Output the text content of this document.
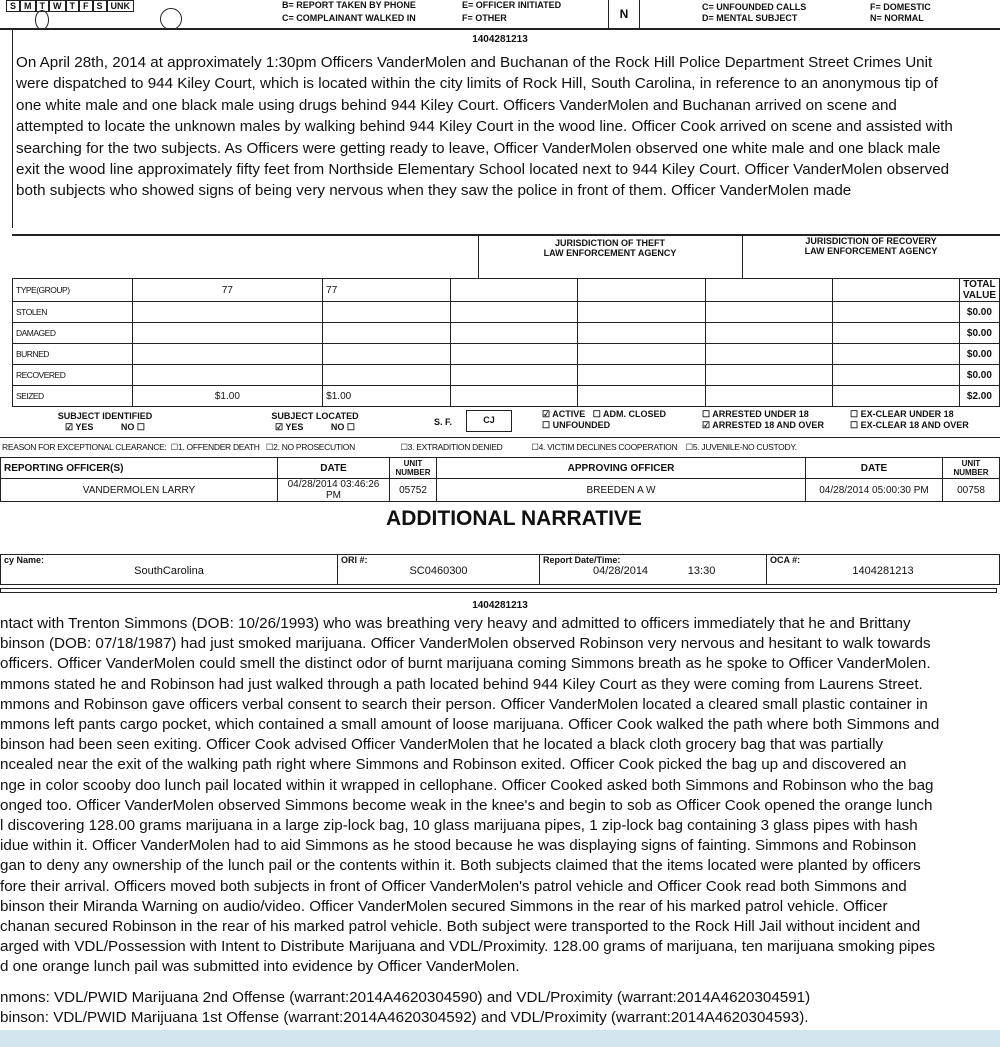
S M T W T F S UNK	B= REPORT TAKEN BY PHONE
C= COMPLAINANT WALKED IN
E= OFFICER INITIATED
F= OTHER	N	C= UNFOUNDED CALLS
D= MENTAL SUBJECT
F= DOMESTIC
N= NORMAL
1404281213
On April 28th, 2014 at approximately 1:30pm Officers VanderMolen and Buchanan of the Rock Hill Police Department Street Crimes Unit
were dispatched to 944 Kiley Court, which is located within the city limits of Rock Hill, South Carolina, in reference to an anonymous tip of
one white male and one black male using drugs behind 944 Kiley Court. Officers VanderMolen and Buchanan arrived on scene and
attempted to locate the unknown males by walking behind 944 Kiley Court in the wood line. Officer Cook arrived on scene and assisted with
searching for the two subjects. As Officers were getting ready to leave, Officer VanderMolen observed one white male and one black male
exit the wood line approximately fifty feet from Northside Elementary School located next to 944 Kiley Court. Officer VanderMolen observed
both subjects who showed signs of being very nervous when they saw the police in front of them. Officer VanderMolen made
JURISDICTION OF THEFT
LAW ENFORCEMENT AGENCY
JURISDICTION OF RECOVERY
LAW ENFORCEMENT AGENCY
TYPE(GROUP)	77	77					TOTAL VALUE
STOLEN							$0.00
DAMAGED							$0.00
BURNED							$0.00
RECOVERED							$0.00
SEIZED	$1.00	$1.00					$2.00
SUBJECT IDENTIFIED
☑ YES	NO ☐
SUBJECT LOCATED
☑ YES	NO ☐	S. F.	CJ
☑ ACTIVE   ☐ ADM. CLOSED
☐ UNFOUNDED
☐ ARRESTED UNDER 18
☑ ARRESTED 18 AND OVER
☐ EX-CLEAR UNDER 18
☐ EX-CLEAR 18 AND OVER
REASON FOR EXCEPTIONAL CLEARANCE:  ☐1. OFFENDER DEATH   ☐2. NO PROSECUTION                      ☐3. EXTRADITION DENIED              ☐4. VICTIM DECLINES COOPERATION    ☐5. JUVENILE-NO CUSTODY.
REPORTING OFFICER(S)	DATE	UNIT NUMBER	APPROVING OFFICER	DATE	UNIT NUMBER
VANDERMOLEN LARRY	04/28/2014 03:46:26 PM	05752	BREEDEN A W	04/28/2014 05:00:30 PM	00758
ADDITIONAL NARRATIVE
cy Name:
SouthCarolina

ORI #:
SC0460300

Report Date/Time:
04/28/2014	13:30

OCA #:
1404281213
1404281213
ntact with Trenton Simmons (DOB: 10/26/1993) who was breathing very heavy and admitted to officers immediately that he and Brittany
binson (DOB: 07/18/1987) had just smoked marijuana. Officer VanderMolen observed Robinson very nervous and hesitant to walk towards
officers. Officer VanderMolen could smell the distinct odor of burnt marijuana coming Simmons breath as he spoke to Officer VanderMolen.
mmons stated he and Robinson had just walked through a path located behind 944 Kiley Court as they were coming from Laurens Street.
mmons and Robinson gave officers verbal consent to search their person. Officer VanderMolen located a cleared small plastic container in
mmons left pants cargo pocket, which contained a small amount of loose marijuana. Officer Cook walked the path where both Simmons and
binson had been seen exiting. Officer Cook advised Officer VanderMolen that he located a black cloth grocery bag that was partially
ncealed near the exit of the walking path right where Simmons and Robinson exited. Officer Cook picked the bag up and discovered an
nge in color scooby doo lunch pail located within it wrapped in cellophane. Officer Cooked asked both Simmons and Robinson who the bag
onged too. Officer VanderMolen observed Simmons become weak in the knee's and begin to sob as Officer Cook opened the orange lunch
l discovering 128.00 grams marijuana in a large zip-lock bag, 10 glass marijuana pipes, 1 zip-lock bag containing 3 glass pipes with hash
idue within it. Officer VanderMolen had to aid Simmons as he stood because he was displaying signs of fainting. Simmons and Robinson
gan to deny any ownership of the lunch pail or the contents within it. Both subjects claimed that the items located were planted by officers
fore their arrival. Officers moved both subjects in front of Officer VanderMolen's patrol vehicle and Officer Cook read both Simmons and
binson their Miranda Warning on audio/video. Officer VanderMolen secured Simmons in the rear of his marked patrol vehicle. Officer
chanan secured Robinson in the rear of his marked patrol vehicle. Both subject were transported to the Rock Hill Jail without incident and
arged with VDL/Possession with Intent to Distribute Marijuana and VDL/Proximity. 128.00 grams of marijuana, ten marijuana smoking pipes
d one orange lunch pail was submitted into evidence by Officer VanderMolen.
nmons: VDL/PWID Marijuana 2nd Offense (warrant:2014A4620304590) and VDL/Proximity (warrant:2014A4620304591)
binson: VDL/PWID Marijuana 1st Offense (warrant:2014A4620304592) and VDL/Proximity (warrant:2014A4620304593).
